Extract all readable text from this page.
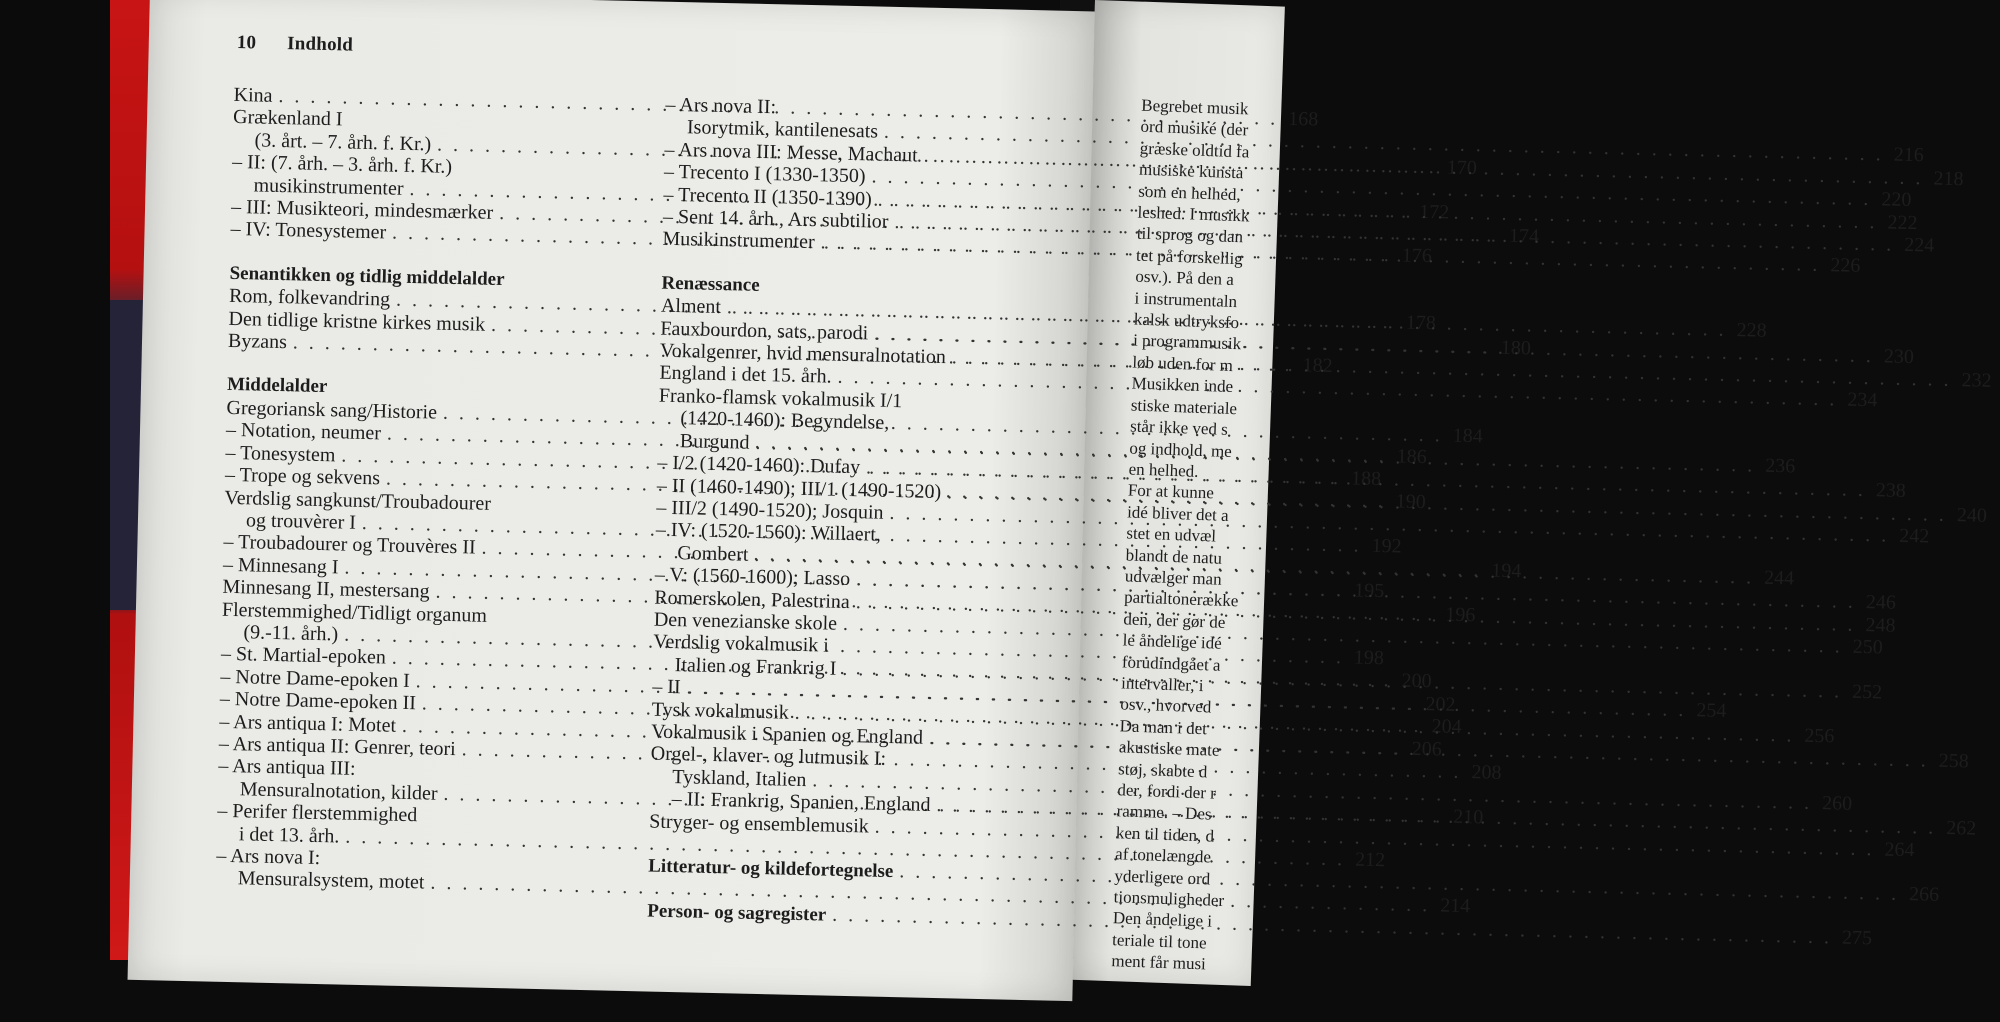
Begrebet musik
ord musiké (der
græske oldtid fa
musiske kunsta
som en helhed,
leshed. I musikk
til sprog og dan
tet på forskellig
osv.). På den a
i instrumentaln
kalsk udtryksfo
i programmusik
løb uden for m
Musikken inde
stiske materiale
står ikke ved s
og indhold, me
en helhed.
For at kunne
idé bliver det a
stet en udvæl
blandt de natu
udvælger man
partialtonerække
den, der gør de
le åndelige idé
forudindgået a
intervaller, i
osv., hvorved
Da man i det
akustiske mate
støj, skabte d
der, fordi der r
ramme. – Des
ken til tiden, d
af tonelængde
yderligere ord
tionsmuligheder
Den åndelige i
teriale til tone
ment får musi
10 Indhold
Kina
. . .
168
Grækenland I
(3. årt. – 7. årh. f. Kr.)
. . .
170
– II: (7. årh. – 3. årh. f. Kr.)
musikinstrumenter
. . .
172
– III: Musikteori, mindesmærker
. . .
174
– IV: Tonesystemer
. . .
176
Senantikken og tidlig middelalder
Rom, folkevandring
. . .
178
Den tidlige kristne kirkes musik
. . .
180
Byzans
. . .
182
Middelalder
Gregoriansk sang/Historie
. . .
184
– Notation, neumer
. . .
186
– Tonesystem
. . .
188
– Trope og sekvens
. . .
190
Verdslig sangkunst/Troubadourer
og trouvèrer I
. . .
192
– Troubadourer og Trouvères II
. . .
194
– Minnesang I
. . .
195
Minnesang II, mestersang
. . .
196
Flerstemmighed/Tidligt organum
(9.-11. årh.)
. . .
198
– St. Martial-epoken
. . .
200
– Notre Dame-epoken I
. . .
202
– Notre Dame-epoken II
. . .
204
– Ars antiqua I: Motet
. . .
206
– Ars antiqua II: Genrer, teori
. . .
208
– Ars antiqua III:
Mensuralnotation, kilder
. . .
210
– Perifer flerstemmighed
i det 13. årh.
. . .
212
– Ars nova I:
Mensuralsystem, motet
. . .
214
– Ars nova II:
Isorytmik, kantilenesats
. . .
216
– Ars nova III: Messe, Machaut
. . .
218
– Trecento I (1330-1350)
. . .
220
– Trecento II (1350-1390)
. . .
222
– Sent 14. årh., Ars subtilior
. . .
224
Musikinstrumenter
. . .
226
Renæssance
Alment
. . .
228
Fauxbourdon, sats, parodi
. . .
230
Vokalgenrer, hvid mensuralnotation
. . .
232
England i det 15. årh.
. . .
234
Franko-flamsk vokalmusik I/1
(1420-1460): Begyndelse,
Burgund
. . .
236
– I/2 (1420-1460): Dufay
. . .
238
– II (1460-1490); III/1 (1490-1520)
. . .
240
– III/2 (1490-1520); Josquin
. . .
242
– IV: (1520-1560): Willaert,
Gombert
. . .
244
– V: (1560-1600); Lasso
. . .
246
Romerskolen, Palestrina
. . .
248
Den venezianske skole
. . .
250
Verdslig vokalmusik i
Italien og Frankrig I
. . .
252
– II
. . .
254
Tysk vokalmusik
. . .
256
Vokalmusik i Spanien og England
. . .
258
Orgel-, klaver- og lutmusik I:
Tyskland, Italien
. . .
260
– II: Frankrig, Spanien, England
. . .
262
Stryger- og ensemblemusik
. . .
264
Litteratur- og kildefortegnelse
. . .
266
Person- og sagregister
. . .
275
